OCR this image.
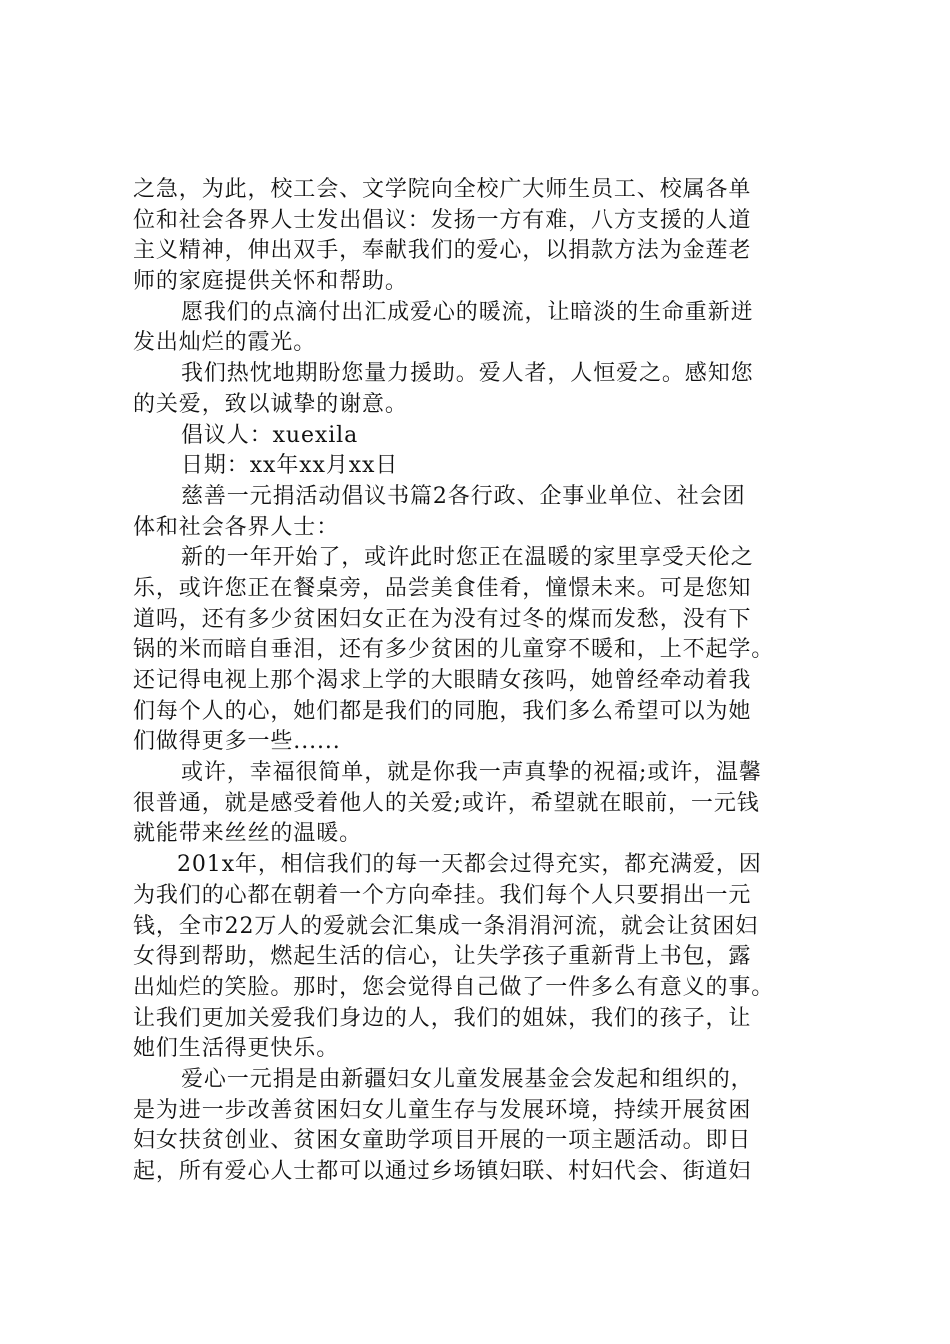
之急，为此，校工会、文学院向全校广大师生员工、校属各单
位和社会各界人士发出倡议：发扬一方有难，八方支援的人道
主义精神，伸出双手，奉献我们的爱心，以捐款方法为金莲老
师的家庭提供关怀和帮助。
愿我们的点滴付出汇成爱心的暖流，让暗淡的生命重新迸
发出灿烂的霞光。
我们热忱地期盼您量力援助。爱人者，人恒爱之。感知您
的关爱，致以诚挚的谢意。
倡议人：xuexila
日期：xx年xx月xx日
慈善一元捐活动倡议书篇2各行政、企事业单位、社会团
体和社会各界人士：
新的一年开始了，或许此时您正在温暖的家里享受天伦之
乐，或许您正在餐桌旁，品尝美食佳肴，憧憬未来。可是您知
道吗，还有多少贫困妇女正在为没有过冬的煤而发愁，没有下
锅的米而暗自垂泪，还有多少贫困的儿童穿不暖和，上不起学。
还记得电视上那个渴求上学的大眼睛女孩吗，她曾经牵动着我
们每个人的心，她们都是我们的同胞，我们多么希望可以为她
们做得更多一些......
或许，幸福很简单，就是你我一声真挚的祝福;或许，温馨
很普通，就是感受着他人的关爱;或许，希望就在眼前，一元钱
就能带来丝丝的温暖。
201x年，相信我们的每一天都会过得充实，都充满爱，因
为我们的心都在朝着一个方向牵挂。我们每个人只要捐出一元
钱，全市22万人的爱就会汇集成一条涓涓河流，就会让贫困妇
女得到帮助，燃起生活的信心，让失学孩子重新背上书包，露
出灿烂的笑脸。那时，您会觉得自己做了一件多么有意义的事。
让我们更加关爱我们身边的人，我们的姐妹，我们的孩子，让
她们生活得更快乐。
爱心一元捐是由新疆妇女儿童发展基金会发起和组织的，
是为进一步改善贫困妇女儿童生存与发展环境，持续开展贫困
妇女扶贫创业、贫困女童助学项目开展的一项主题活动。即日
起，所有爱心人士都可以通过乡场镇妇联、村妇代会、街道妇
